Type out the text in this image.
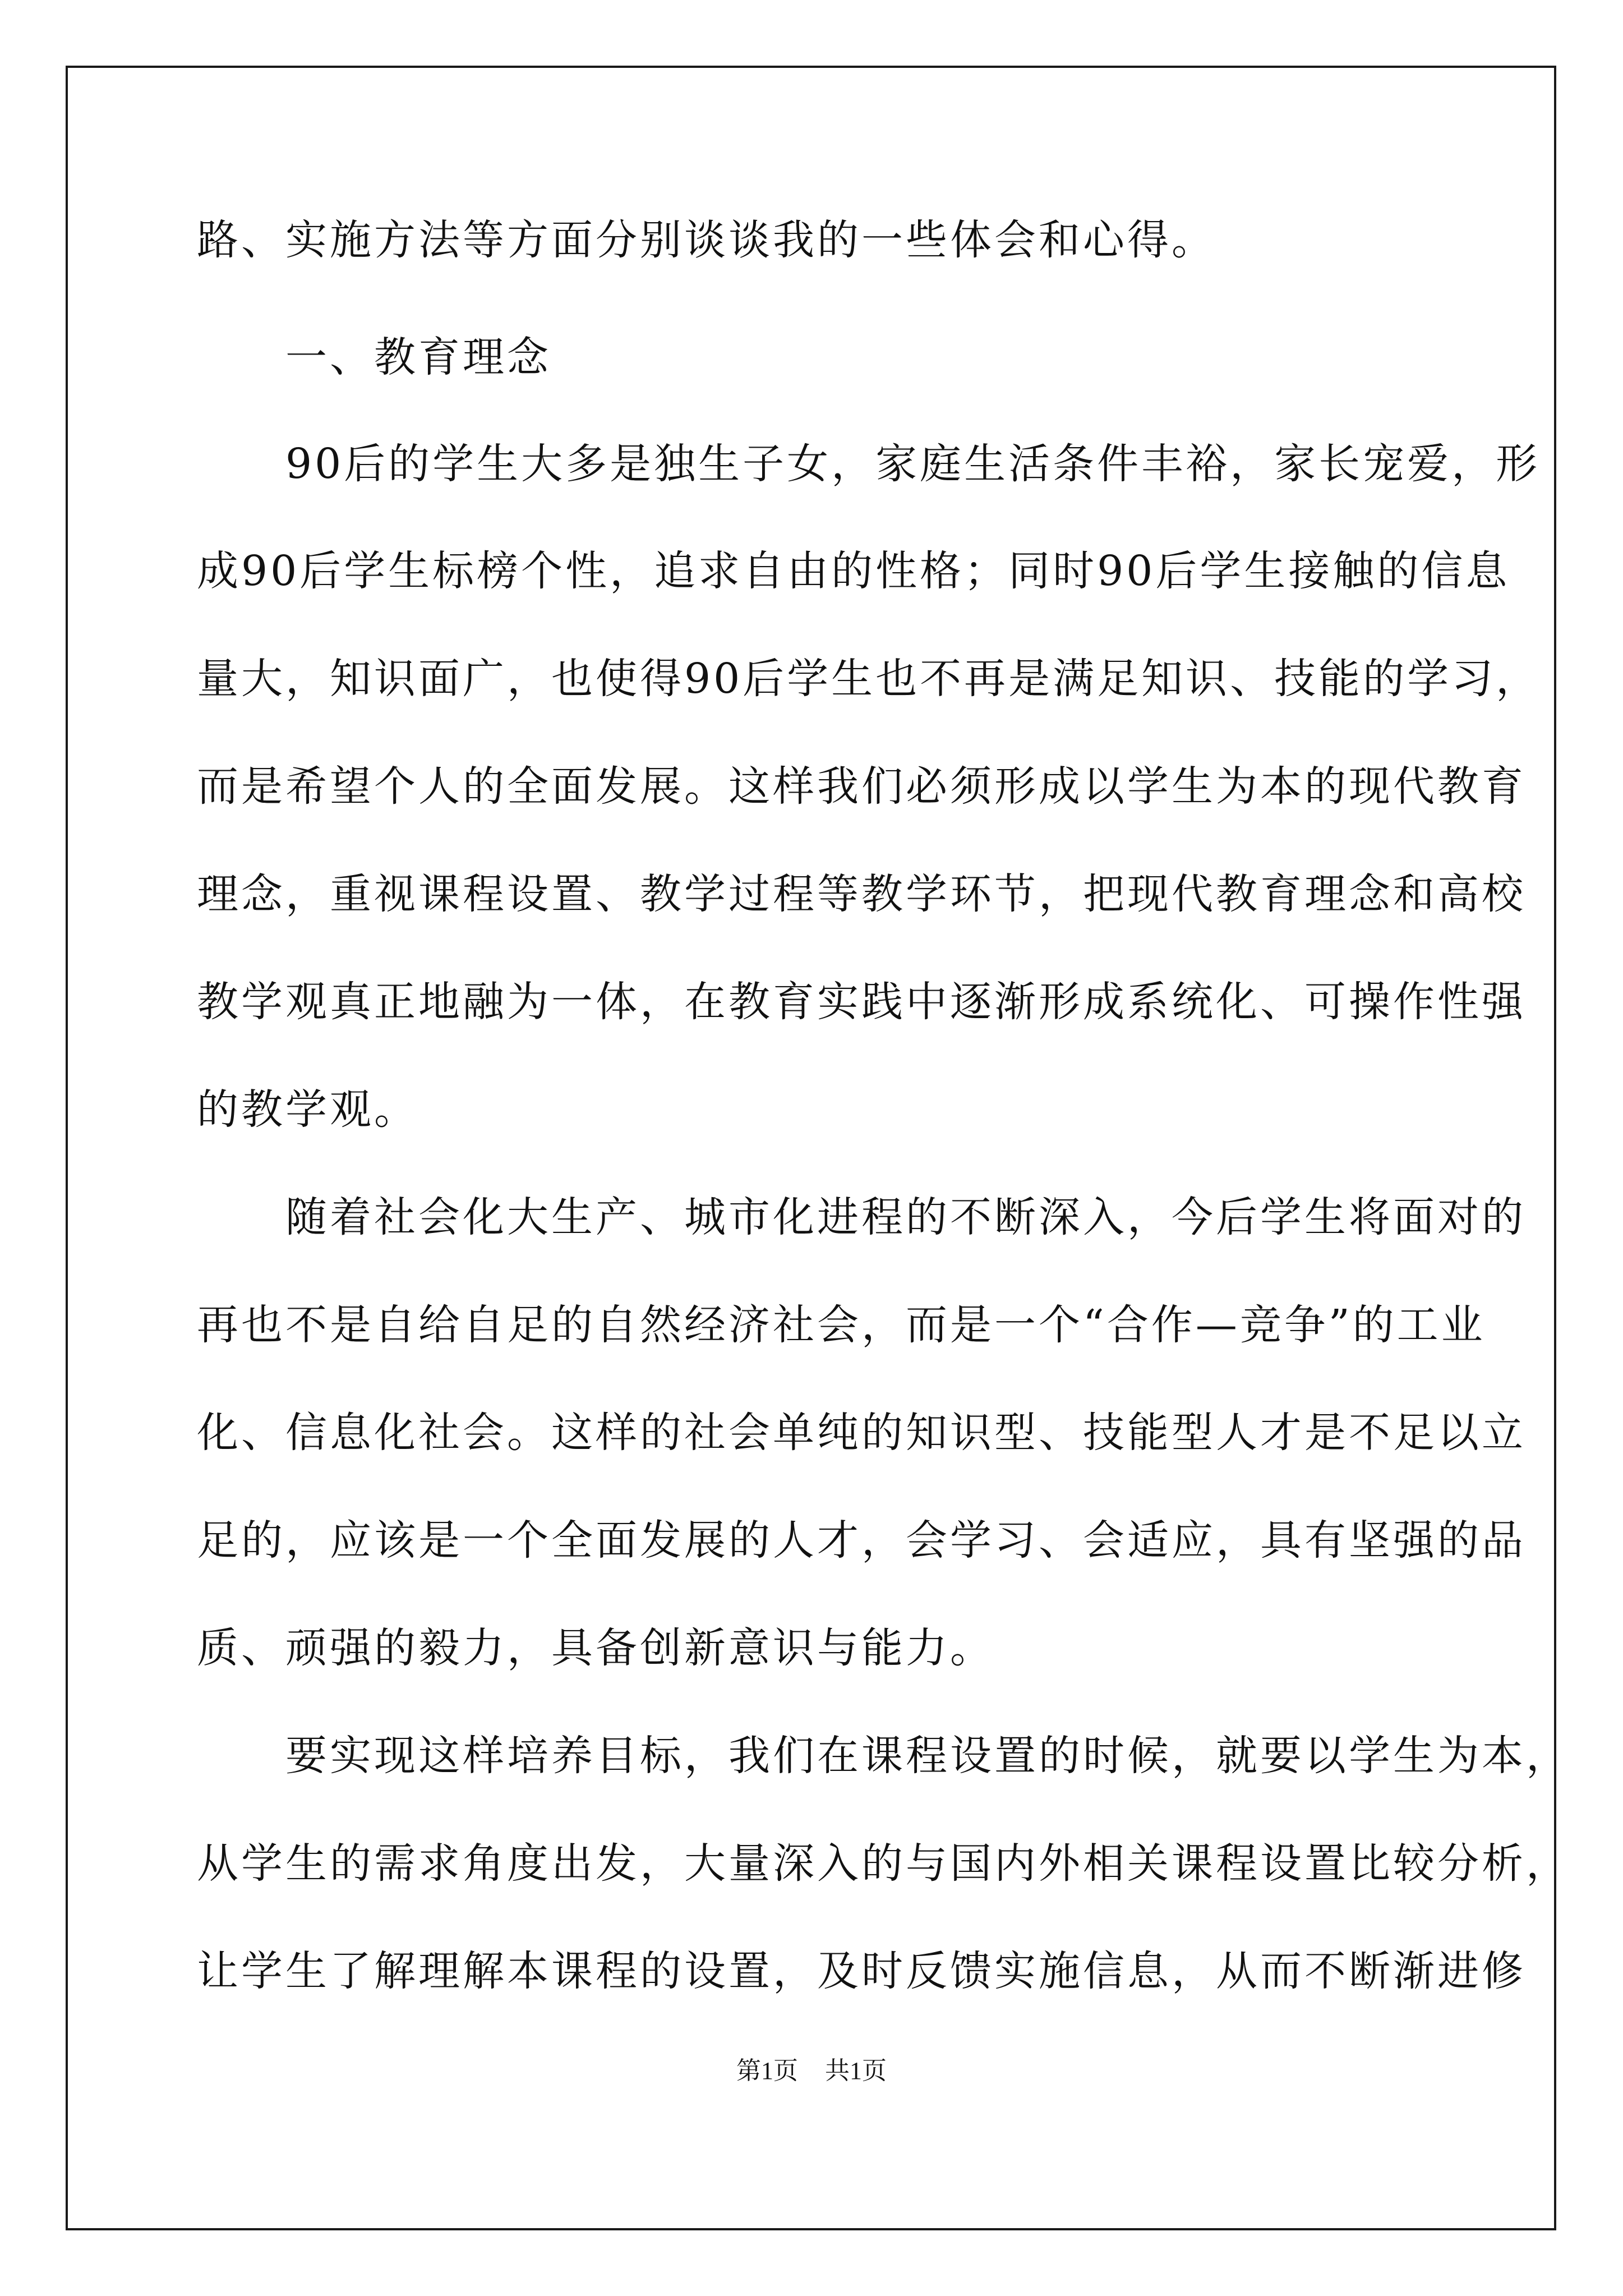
路、实施方法等方面分别谈谈我的一些体会和心得。
　　一、教育理念
　　90后的学生大多是独生子女，家庭生活条件丰裕，家长宠爱，形
成90后学生标榜个性，追求自由的性格；同时90后学生接触的信息
量大，知识面广，也使得90后学生也不再是满足知识、技能的学习，
而是希望个人的全面发展。这样我们必须形成以学生为本的现代教育
理念，重视课程设置、教学过程等教学环节，把现代教育理念和高校
教学观真正地融为一体，在教育实践中逐渐形成系统化、可操作性强
的教学观。
　　随着社会化大生产、城市化进程的不断深入，今后学生将面对的
再也不是自给自足的自然经济社会，而是一个“合作—竞争”的工业
化、信息化社会。这样的社会单纯的知识型、技能型人才是不足以立
足的，应该是一个全面发展的人才，会学习、会适应，具有坚强的品
质、顽强的毅力，具备创新意识与能力。
　　要实现这样培养目标，我们在课程设置的时候，就要以学生为本，
从学生的需求角度出发，大量深入的与国内外相关课程设置比较分析，
让学生了解理解本课程的设置，及时反馈实施信息，从而不断渐进修
第1页 共1页
